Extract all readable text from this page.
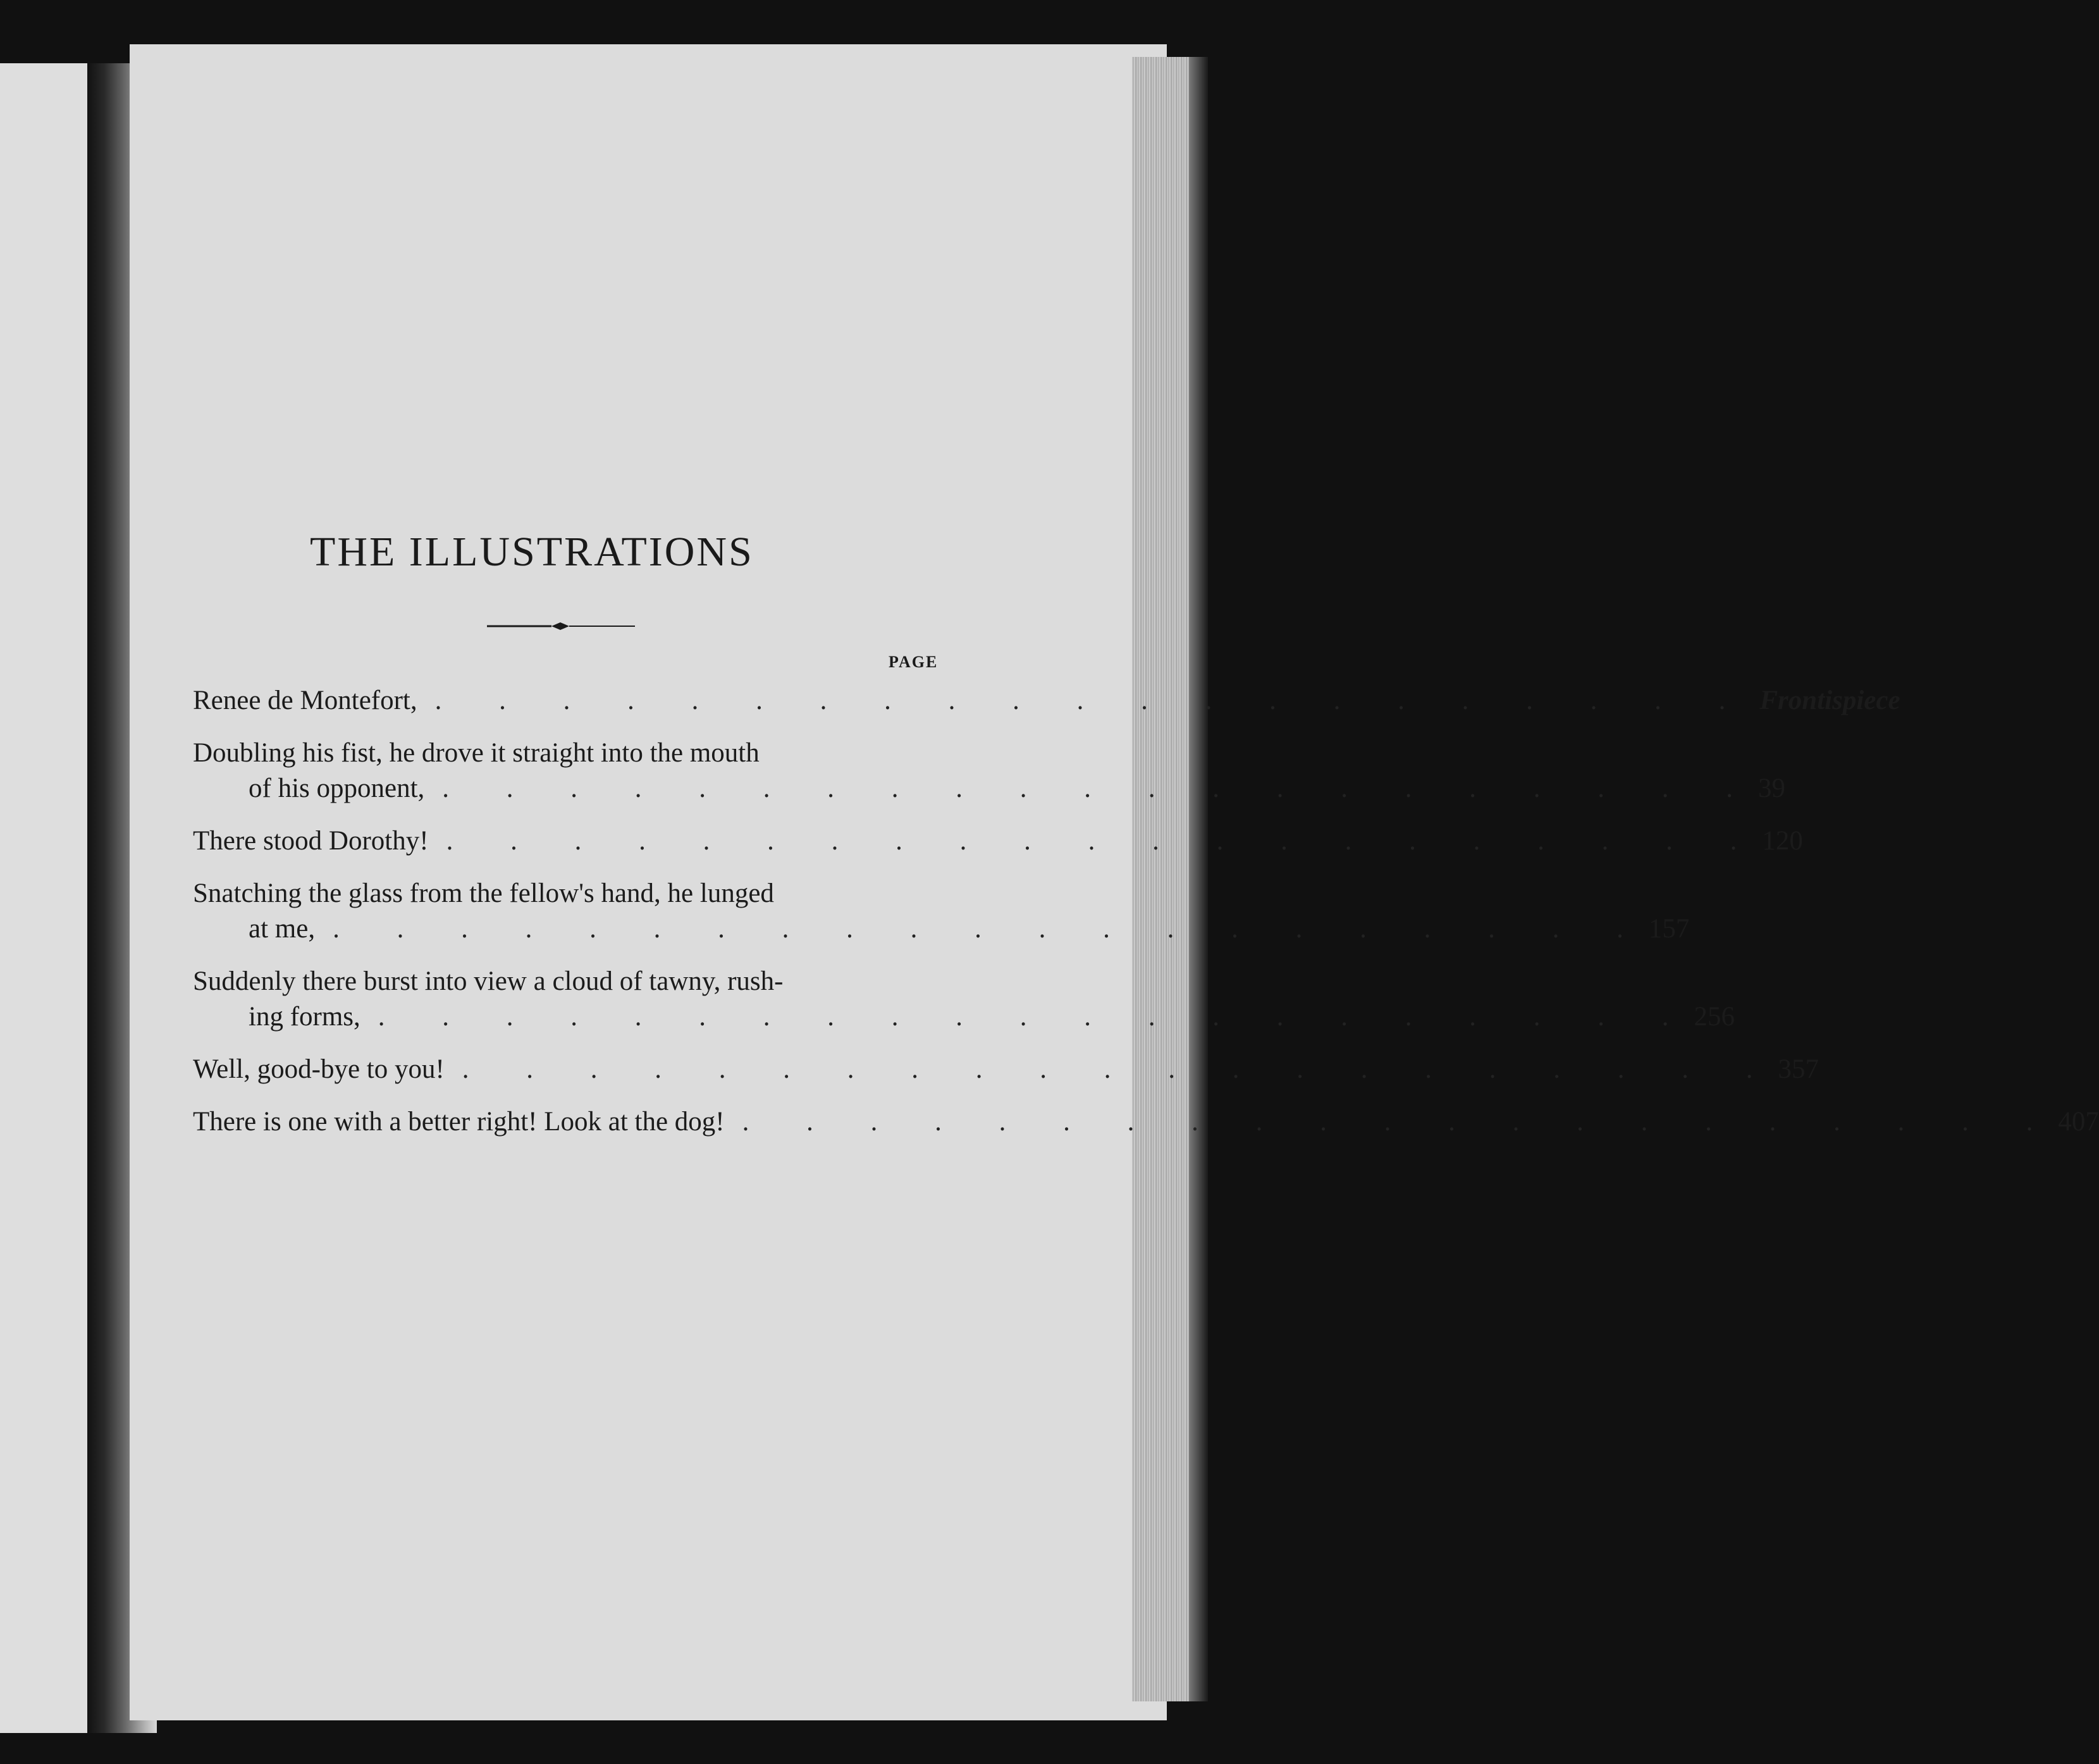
THE ILLUSTRATIONS
PAGE
Renee de Montefort, . . . . . . . . . . . . . . . . . . . . . Frontispiece
Doubling his fist, he drove it straight into the mouth
of his opponent, . . . . . . . . . . . . . . . . . . . . . 39
There stood Dorothy! . . . . . . . . . . . . . . . . . . . . . 120
Snatching the glass from the fellow's hand, he lunged
at me, . . . . . . . . . . . . . . . . . . . . . 157
Suddenly there burst into view a cloud of tawny, rush-
ing forms, . . . . . . . . . . . . . . . . . . . . . 256
Well, good-bye to you! . . . . . . . . . . . . . . . . . . . . . 357
There is one with a better right! Look at the dog! . . . . . . . . . . . . . . . . . . . . . 407
